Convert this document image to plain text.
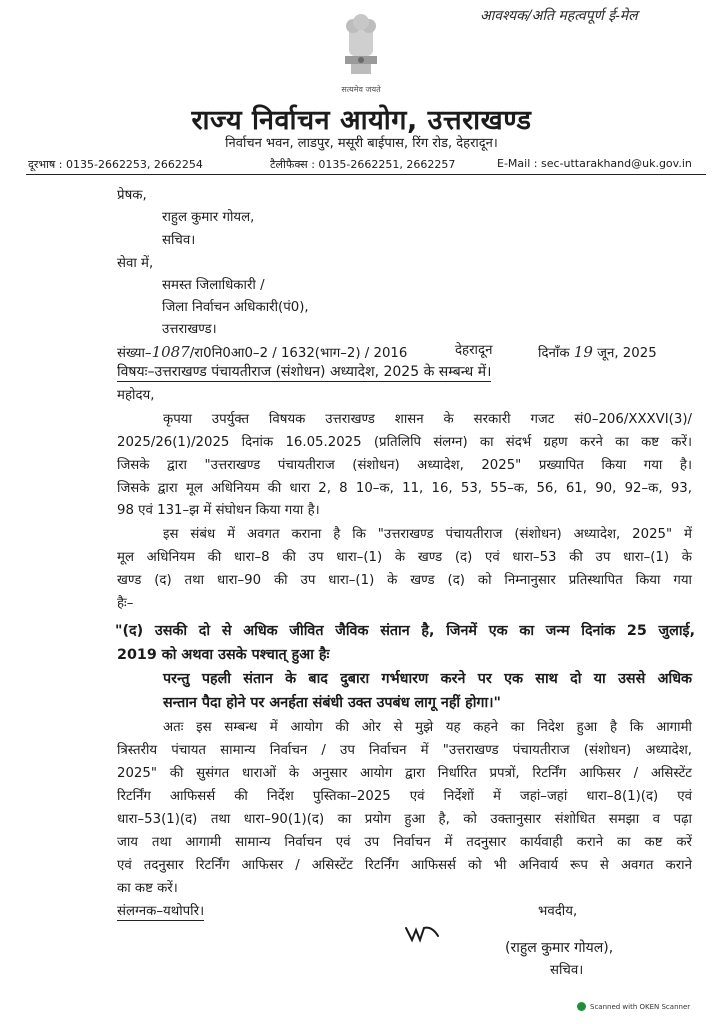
आवश्यक/अति महत्वपूर्ण ई-मेल
सत्यमेव जयते
राज्य निर्वाचन आयोग, उत्तराखण्ड
निर्वाचन भवन, लाडपुर, मसूरी बाईपास, रिंग रोड, देहरादून।
दूरभाष : 0135-2662253, 2662254	टैलीफैक्स : 0135-2662251, 2662257	E-Mail : sec-uttarakhand@uk.gov.in
प्रेषक,
राहुल कुमार गोयल,
सचिव।
सेवा में,
समस्त जिलाधिकारी /
जिला निर्वाचन अधिकारी(पं0),
उत्तराखण्ड।
संख्या–1087/रा0नि0आ0–2 / 1632(भाग–2) / 2016	देहरादून	दिनाँक 19 जून, 2025
विषयः–उत्तराखण्ड पंचायतीराज (संशोधन) अध्यादेश, 2025 के सम्बन्ध में।
महोदय,
कृपया उपर्युक्त विषयक उत्तराखण्ड शासन के सरकारी गजट सं0–206/XXXVI(3)/
2025/26(1)/2025 दिनांक 16.05.2025 (प्रतिलिपि संलग्न) का संदर्भ ग्रहण करने का कष्ट करें।
जिसके द्वारा "उत्तराखण्ड पंचायतीराज (संशोधन) अध्यादेश, 2025" प्रख्यापित किया गया है।
जिसके द्वारा मूल अधिनियम की धारा 2, 8 10–क, 11, 16, 53, 55–क, 56, 61, 90, 92–क, 93,
98 एवं 131–झ में संघोधन किया गया है।
इस संबंध में अवगत कराना है कि "उत्तराखण्ड पंचायतीराज (संशोधन) अध्यादेश, 2025" में
मूल अधिनियम की धारा–8 की उप धारा–(1) के खण्ड (द) एवं धारा–53 की उप धारा–(1) के
खण्ड (द) तथा धारा–90 की उप धारा–(1) के खण्ड (द) को निम्नानुसार प्रतिस्थापित किया गया
हैः–
"(द) उसकी दो से अधिक जीवित जैविक संतान है, जिनमें एक का जन्म दिनांक 25 जुलाई,
2019 को अथवा उसके पश्चात् हुआ हैः
परन्तु पहली संतान के बाद दुबारा गर्भधारण करने पर एक साथ दो या उससे अधिक
सन्तान पैदा होने पर अनर्हता संबंधी उक्त उपबंध लागू नहीं होगा।"
अतः इस सम्बन्ध में आयोग की ओर से मुझे यह कहने का निदेश हुआ है कि आगामी
त्रिस्तरीय पंचायत सामान्य निर्वाचन / उप निर्वाचन में "उत्तराखण्ड पंचायतीराज (संशोधन) अध्यादेश,
2025" की सुसंगत धाराओं के अनुसार आयोग द्वारा निर्धारित प्रपत्रों, रिटर्निंग आफिसर / असिस्टेंट
रिटर्निंग आफिसर्स की निर्देश पुस्तिका–2025 एवं निर्देशों में जहां–जहां धारा–8(1)(द) एवं
धारा–53(1)(द) तथा धारा–90(1)(द) का प्रयोग हुआ है, को उक्तानुसार संशोधित समझा व पढ़ा
जाय तथा आगामी सामान्य निर्वाचन एवं उप निर्वाचन में तदनुसार कार्यवाही कराने का कष्ट करें
एवं तदनुसार रिटर्निंग आफिसर / असिस्टेंट रिटर्निंग आफिसर्स को भी अनिवार्य रूप से अवगत कराने
का कष्ट करें।
संलग्नक–यथोपरि।	भवदीय,
(राहुल कुमार गोयल),
सचिव।
Scanned with OKEN Scanner
